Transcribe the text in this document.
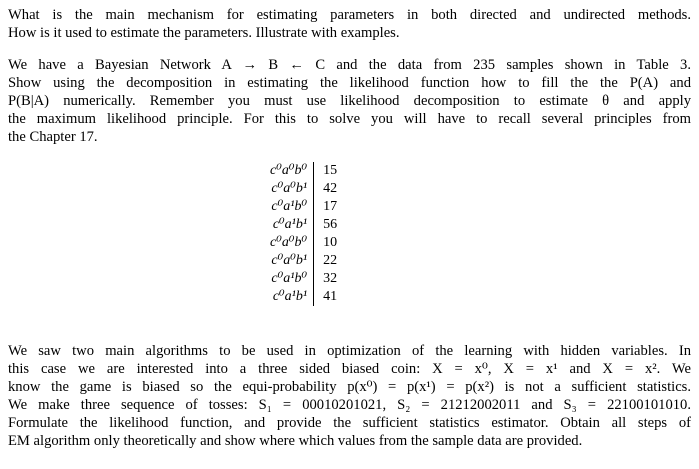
What is the main mechanism for estimating parameters in both directed and undirected methods.
How is it used to estimate the parameters. Illustrate with examples.

We have a Bayesian Network A → B ← C and the data from 235 samples shown in Table 3.
Show using the decomposition in estimating the likelihood function how to fill the the P(A) and
P(B|A) numerically. Remember you must use likelihood decomposition to estimate θ and apply
the maximum likelihood principle. For this to solve you will have to recall several principles from
the Chapter 17.

c⁰a⁰b⁰	15
c⁰a⁰b¹	42
c⁰a¹b⁰	17
c⁰a¹b¹	56
c⁰a⁰b⁰	10
c⁰a⁰b¹	22
c⁰a¹b⁰	32
c⁰a¹b¹	41

We saw two main algorithms to be used in optimization of the learning with hidden variables. In
this case we are interested into a three sided biased coin: X = x⁰, X = x¹ and X = x². We
know the game is biased so the equi-probability p(x⁰) = p(x¹) = p(x²) is not a sufficient statistics.
We make three sequence of tosses: S₁ = 00010201021, S₂ = 21212002011 and S₃ = 22100101010.
Formulate the likelihood function, and provide the sufficient statistics estimator. Obtain all steps of
EM algorithm only theoretically and show where which values from the sample data are provided.
